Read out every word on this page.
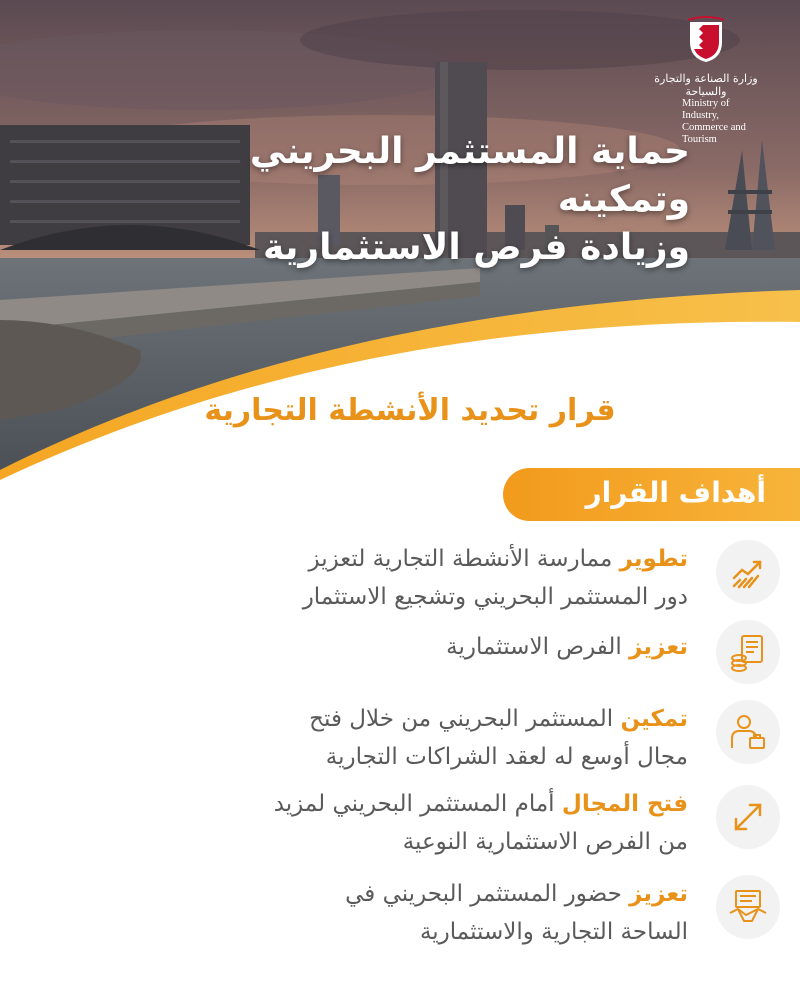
وزارة الصناعة والتجارة والسياحة
Ministry of Industry,
Commerce and Tourism
حماية المستثمر البحريني وتمكينه
وزيادة فرص الاستثمارية
قرار تحديد الأنشطة التجارية
أهداف القرار
تطوير ممارسة الأنشطة التجارية لتعزيز
دور المستثمر البحريني وتشجيع الاستثمار
تعزيز الفرص الاستثمارية
تمكين المستثمر البحريني من خلال فتح
مجال أوسع له لعقد الشراكات التجارية
فتح المجال أمام المستثمر البحريني لمزيد
من الفرص الاستثمارية النوعية
تعزيز حضور المستثمر البحريني في
الساحة التجارية والاستثمارية
